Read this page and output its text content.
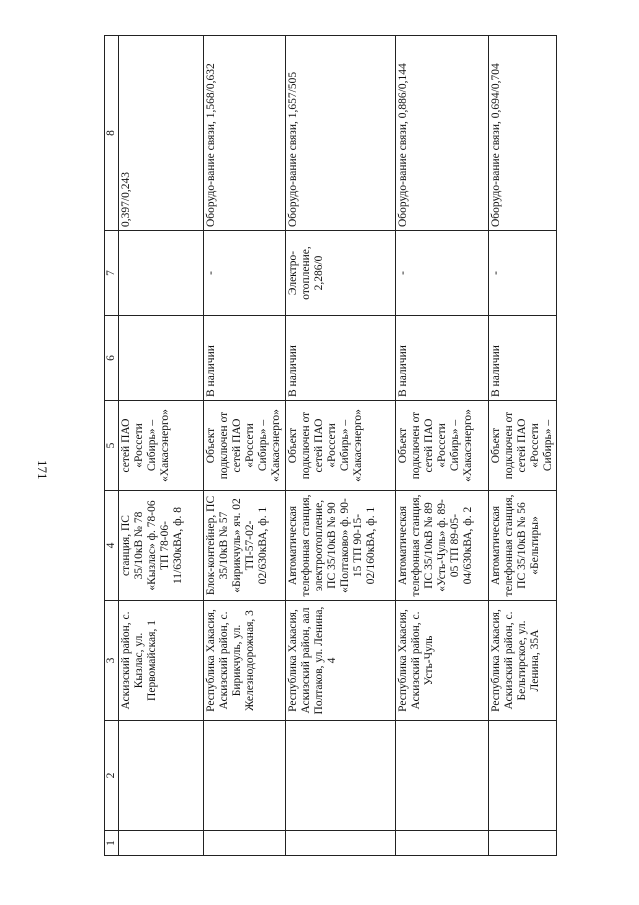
171
1	2	3	4	5	6	7	8
		Аскизский район, с. Кызлас, ул. Первомайская, 1	станция, ПС 35/10кВ № 78 «Кызлас» ф. 78-06 ТП 78-06-11/630кВА, ф. 8	сетей ПАО «Россети Сибирь» – «Хакасэнерго»			0,397/0,243
		Республика Хакасия, Аскизский район, с. Бирикчуль, ул. Железнодорожная, 3	Блок-контейнер, ПС 35/10кВ № 57 «Бирикчуль» яч. 02 ТП-57-02-02/630кВА, ф. 1	Объект подключен от сетей ПАО «Россети Сибирь» – «Хакасэнерго»	В наличии	-	Оборудо-вание связи, 1,568/0,632
		Республика Хакасия, Аскизский район, аал Полтаков, ул. Ленина, 4	Автоматическая телефонная станция, электроотопление, ПС 35/10кВ № 90 «Полтаково» ф. 90-15 ТП 90-15-02/160кВА, ф. 1	Объект подключен от сетей ПАО «Россети Сибирь» – «Хакасэнерго»	В наличии	Электро-отопление, 2,286/0	Оборудо-вание связи, 1,657/505
		Республика Хакасия, Аскизский район, с. Усть-Чуль	Автоматическая телефонная станция, ПС 35/10кВ № 89 «Усть-Чуль» ф. 89-05 ТП 89-05-04/630кВА, ф. 2	Объект подключен от сетей ПАО «Россети Сибирь» – «Хакасэнерго»	В наличии	-	Оборудо-вание связи, 0,886/0,144
		Республика Хакасия, Аскизский район, с. Бельтирское, ул. Ленина, 35А	Автоматическая телефонная станция, ПС 35/10кВ № 56 «Бельтиры»	Объект подключен от сетей ПАО «Россети Сибирь» –	В наличии	-	Оборудо-вание связи, 0,694/0,704
